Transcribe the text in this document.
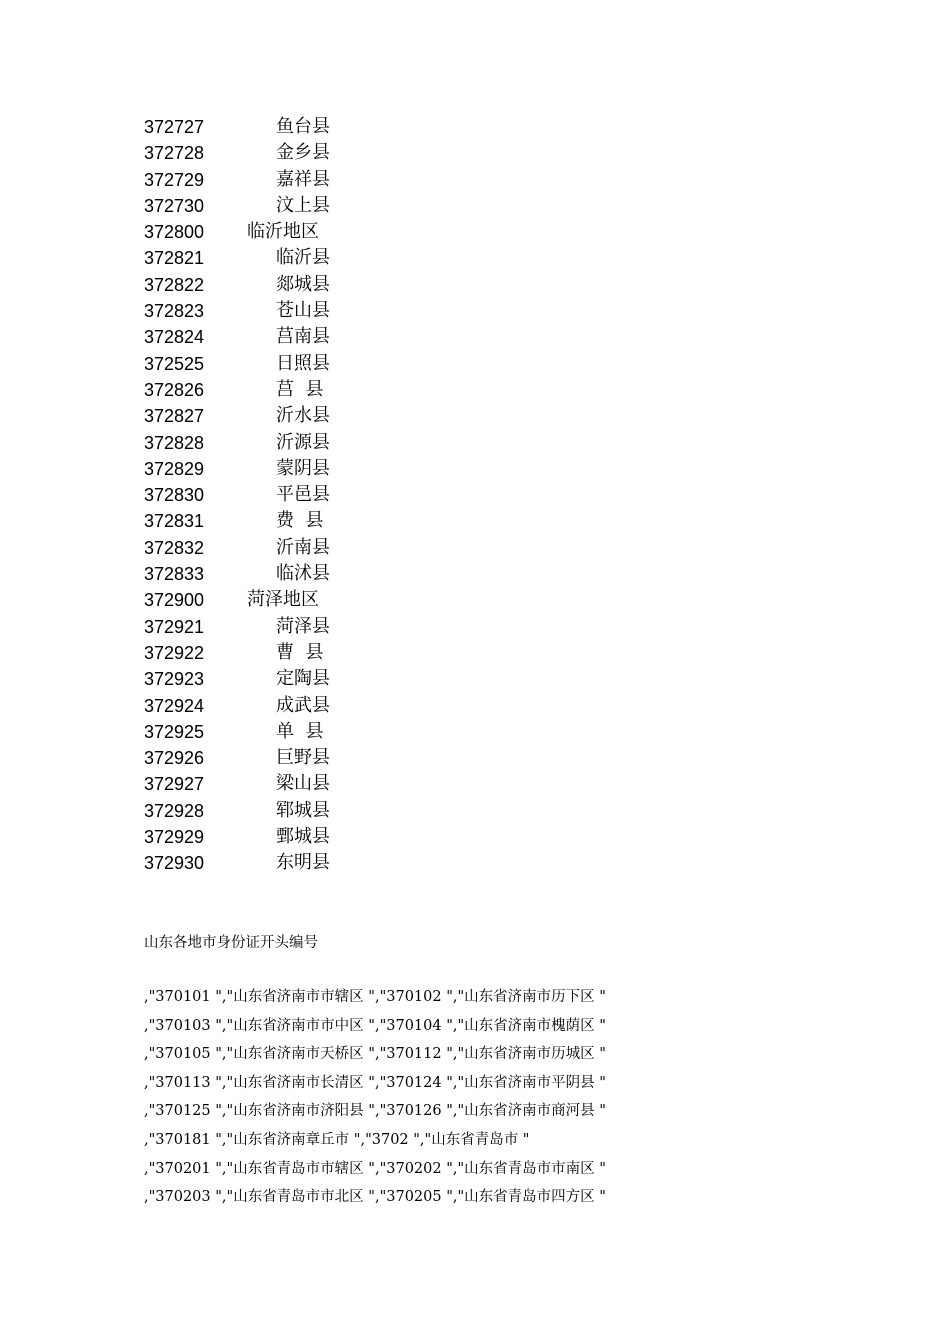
372727	鱼台县
372728	金乡县
372729	嘉祥县
372730	汶上县
372800 临沂地区
372821	临沂县
372822	郯城县
372823	苍山县
372824	莒南县
372525	日照县
372826	莒  县
372827	沂水县
372828	沂源县
372829	蒙阴县
372830	平邑县
372831	费  县
372832	沂南县
372833	临沭县
372900 菏泽地区
372921	菏泽县
372922	曹  县
372923	定陶县
372924	成武县
372925	单  县
372926	巨野县
372927	梁山县
372928	郓城县
372929	鄄城县
372930	东明县
山东各地市身份证开头编号
,"370101 ","山东省济南市市辖区 ","370102 ","山东省济南市历下区 "
,"370103 ","山东省济南市市中区 ","370104 ","山东省济南市槐荫区 "
,"370105 ","山东省济南市天桥区 ","370112 ","山东省济南市历城区 "
,"370113 ","山东省济南市长清区 ","370124 ","山东省济南市平阴县 "
,"370125 ","山东省济南市济阳县 ","370126 ","山东省济南市商河县 "
,"370181 ","山东省济南章丘市 ","3702 ","山东省青岛市 "
,"370201 ","山东省青岛市市辖区 ","370202 ","山东省青岛市市南区 "
,"370203 ","山东省青岛市市北区 ","370205 ","山东省青岛市四方区 "
